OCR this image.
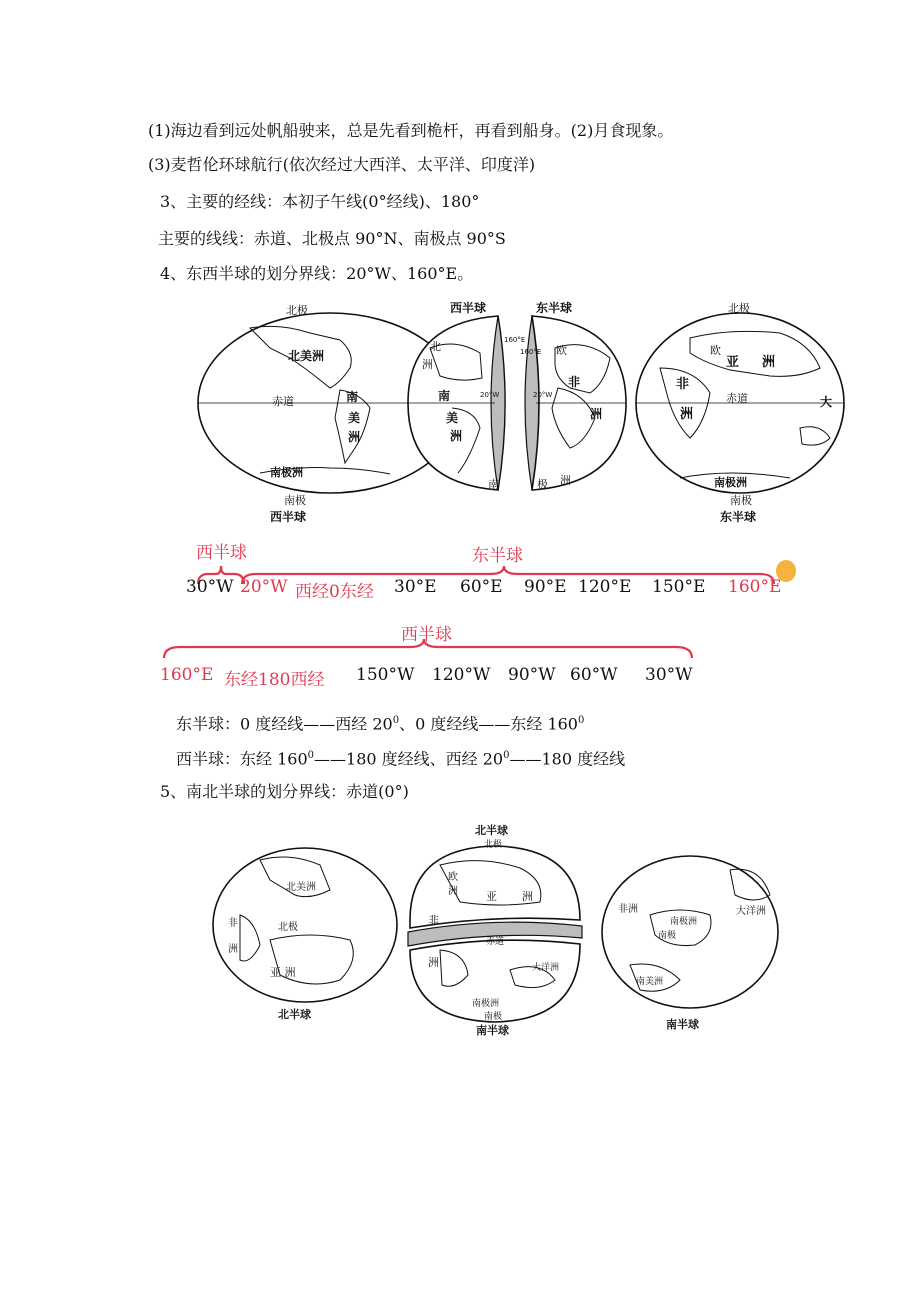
(1)海边看到远处帆船驶来，总是先看到桅杆，再看到船身。(2)月食现象。
(3)麦哲伦环球航行(依次经过大西洋、太平洋、印度洋)
3、主要的经线：本初子午线(0°经线)、180°
主要的线线：赤道、北极点 90°N、南极点 90°S
4、东西半球的划分界线：20°W、160°E。
北极
北美洲
赤道	南
美
洲
南极洲
南极
西半球
西半球	东半球
160°E
160°E
20°W	20°W
北
洲
南
美
洲
南	极
欧
非
洲
洲
北极
欧
亚 洲
非
洲
赤道	大
南极洲
南极
东半球
西半球	东半球
30°W 20°W 西经0东经 30°E 60°E 90°E 120°E 150°E 160°E
西半球
160°E 东经180西经 150°W 120°W 90°W 60°W 30°W
东半球：0 度经线——西经 $20^0$、0 度经线——东经 $160^0$
西半球：东经 $160^0——180$ 度经线、西经 $20^0——180$ 度经线
5、南北半球的划分界线：赤道(0°)
北美洲
非
洲
北极
亚 洲
北半球
北半球
北极
欧
洲	亚 洲
非
赤道
洲	大洋洲
南极洲
南极
南半球
非洲	大洋洲
南极洲
南极
南美洲
南半球
